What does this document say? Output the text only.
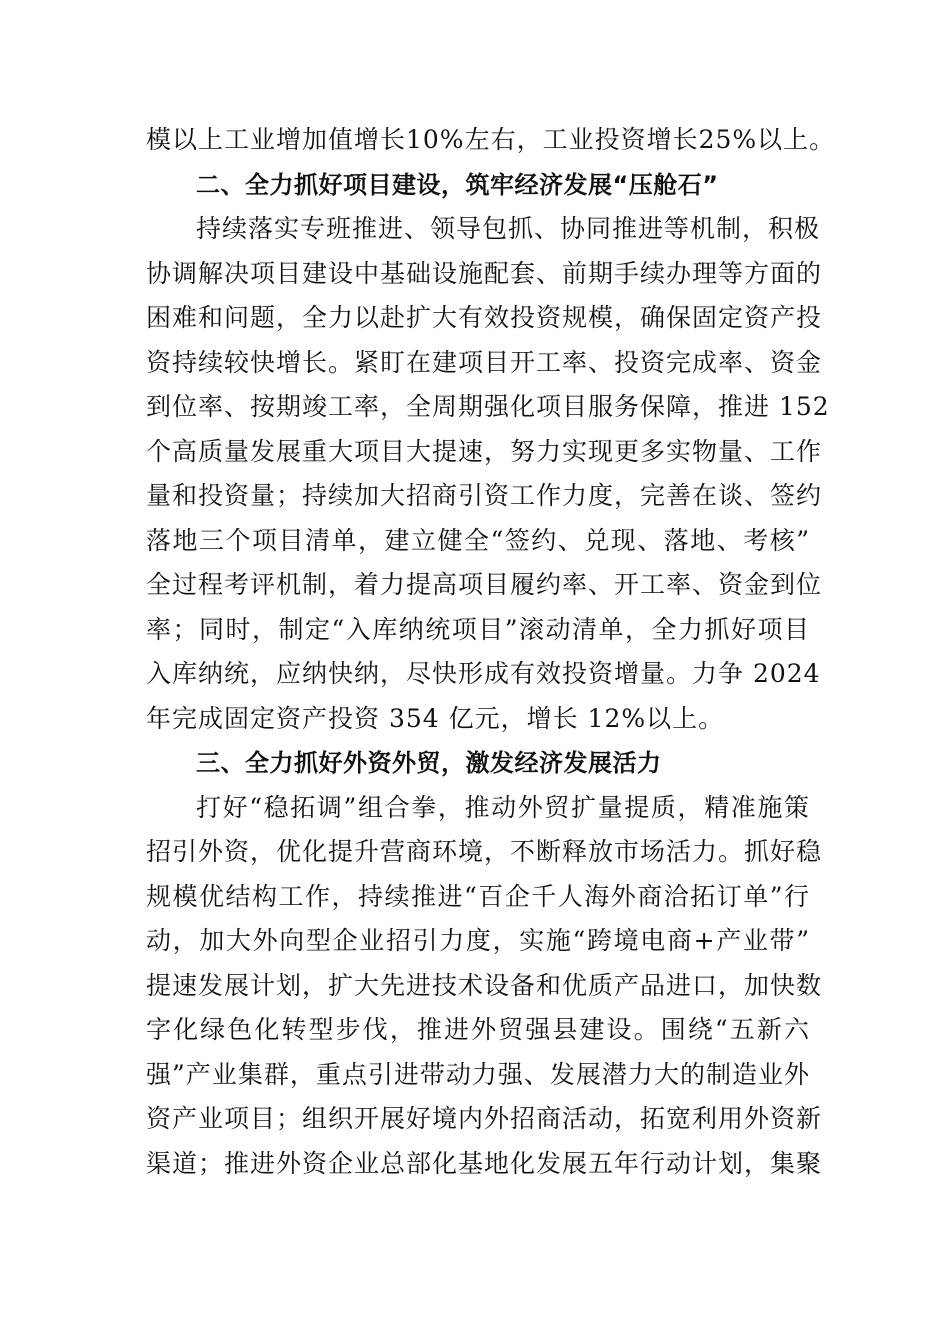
模以上工业增加值增长10%左右，工业投资增长25%以上。
二、全力抓好项目建设，筑牢经济发展“压舱石”
持续落实专班推进、领导包抓、协同推进等机制，积极
协调解决项目建设中基础设施配套、前期手续办理等方面的
困难和问题，全力以赴扩大有效投资规模，确保固定资产投
资持续较快增长。紧盯在建项目开工率、投资完成率、资金
到位率、按期竣工率，全周期强化项目服务保障，推进 152
个高质量发展重大项目大提速，努力实现更多实物量、工作
量和投资量；持续加大招商引资工作力度，完善在谈、签约
落地三个项目清单，建立健全“签约、兑现、落地、考核”
全过程考评机制，着力提高项目履约率、开工率、资金到位
率；同时，制定“入库纳统项目”滚动清单，全力抓好项目
入库纳统，应纳快纳，尽快形成有效投资增量。力争 2024
年完成固定资产投资 354 亿元，增长 12%以上。
三、全力抓好外资外贸，激发经济发展活力
打好“稳拓调”组合拳，推动外贸扩量提质，精准施策
招引外资，优化提升营商环境，不断释放市场活力。抓好稳
规模优结构工作，持续推进“百企千人海外商洽拓订单”行
动，加大外向型企业招引力度，实施“跨境电商+产业带”
提速发展计划，扩大先进技术设备和优质产品进口，加快数
字化绿色化转型步伐，推进外贸强县建设。围绕“五新六
强”产业集群，重点引进带动力强、发展潜力大的制造业外
资产业项目；组织开展好境内外招商活动，拓宽利用外资新
渠道；推进外资企业总部化基地化发展五年行动计划，集聚
